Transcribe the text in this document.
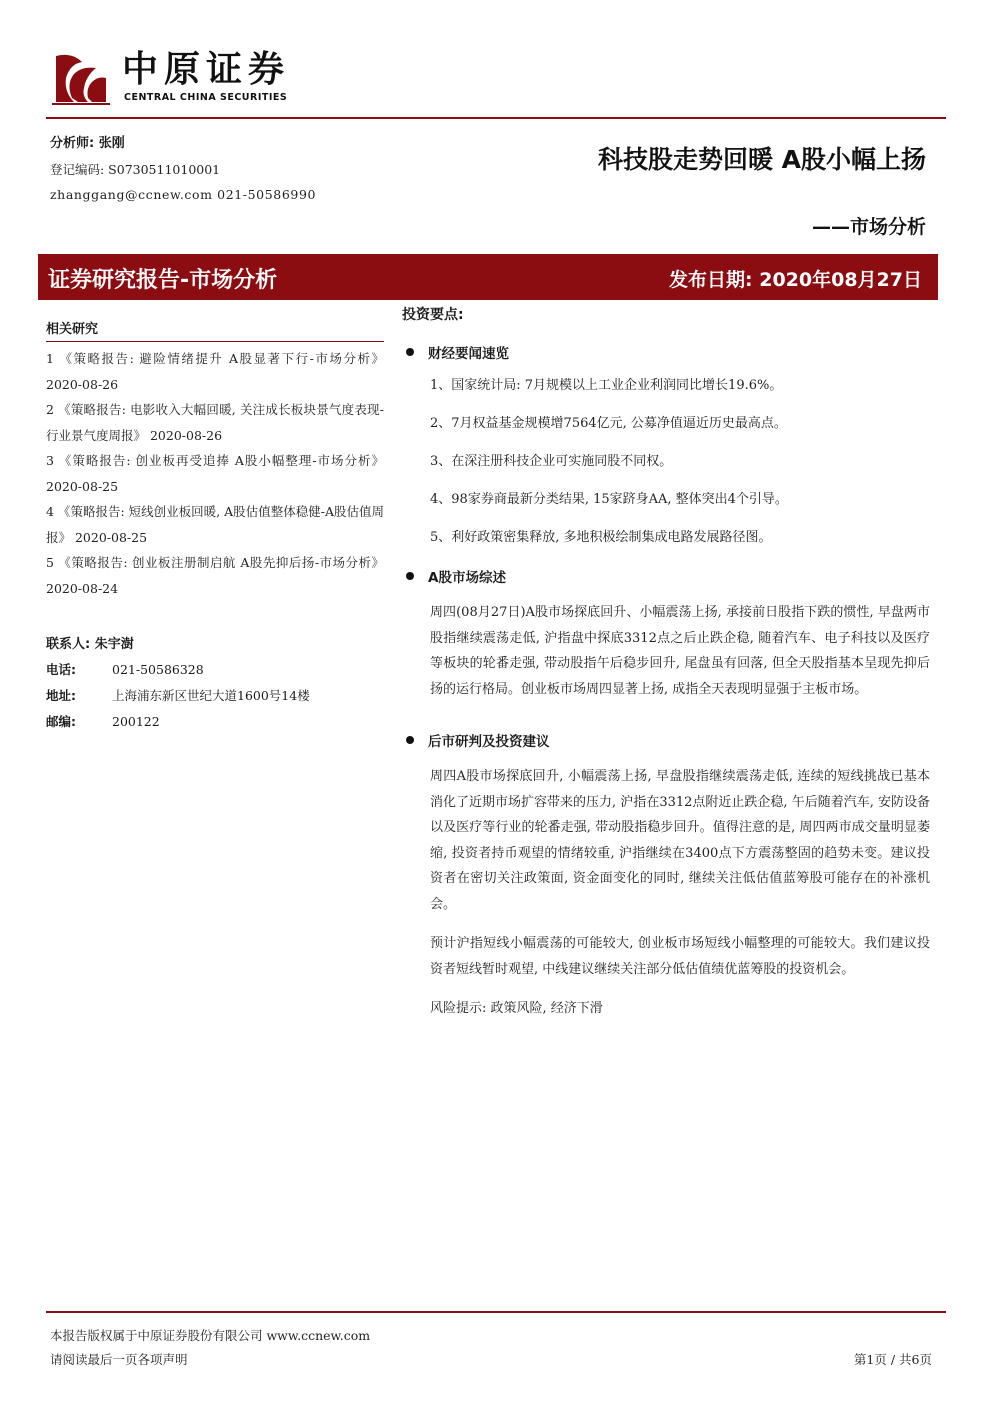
中原证券
CENTRAL CHINA SECURITIES
分析师: 张刚
登记编码: S0730511010001
zhanggang@ccnew.com 021-50586990
科技股走势回暖 A股小幅上扬
——市场分析
证券研究报告-市场分析	发布日期: 2020年08月27日
相关研究
1 《策略报告: 避险情绪提升 A股显著下行-市场分析》 2020-08-26
2 《策略报告: 电影收入大幅回暖, 关注成长板块景气度表现-行业景气度周报》 2020-08-26
3 《策略报告: 创业板再受追捧 A股小幅整理-市场分析》 2020-08-25
4 《策略报告: 短线创业板回暖, A股估值整体稳健-A股估值周报》 2020-08-25
5 《策略报告: 创业板注册制启航 A股先抑后扬-市场分析》 2020-08-24
联系人: 朱宇澍
电话:	021-50586328
地址:	上海浦东新区世纪大道1600号14楼
邮编:	200122
投资要点:
财经要闻速览
1、国家统计局: 7月规模以上工业企业利润同比增长19.6%。
2、7月权益基金规模增7564亿元, 公募净值逼近历史最高点。
3、在深注册科技企业可实施同股不同权。
4、98家券商最新分类结果, 15家跻身AA, 整体突出4个引导。
5、利好政策密集释放, 多地积极绘制集成电路发展路径图。
A股市场综述
周四(08月27日)A股市场探底回升、小幅震荡上扬, 承接前日股指下跌的惯性, 早盘两市股指继续震荡走低, 沪指盘中探底3312点之后止跌企稳, 随着汽车、电子科技以及医疗等板块的轮番走强, 带动股指午后稳步回升, 尾盘虽有回落, 但全天股指基本呈现先抑后扬的运行格局。创业板市场周四显著上扬, 成指全天表现明显强于主板市场。
后市研判及投资建议
周四A股市场探底回升, 小幅震荡上扬, 早盘股指继续震荡走低, 连续的短线挑战已基本消化了近期市场扩容带来的压力, 沪指在3312点附近止跌企稳, 午后随着汽车, 安防设备以及医疗等行业的轮番走强, 带动股指稳步回升。值得注意的是, 周四两市成交量明显萎缩, 投资者持币观望的情绪较重, 沪指继续在3400点下方震荡整固的趋势未变。建议投资者在密切关注政策面, 资金面变化的同时, 继续关注低估值蓝筹股可能存在的补涨机会。
预计沪指短线小幅震荡的可能较大, 创业板市场短线小幅整理的可能较大。我们建议投资者短线暂时观望, 中线建议继续关注部分低估值绩优蓝筹股的投资机会。
风险提示: 政策风险, 经济下滑
本报告版权属于中原证券股份有限公司 www.ccnew.com
请阅读最后一页各项声明	第1页 / 共6页
